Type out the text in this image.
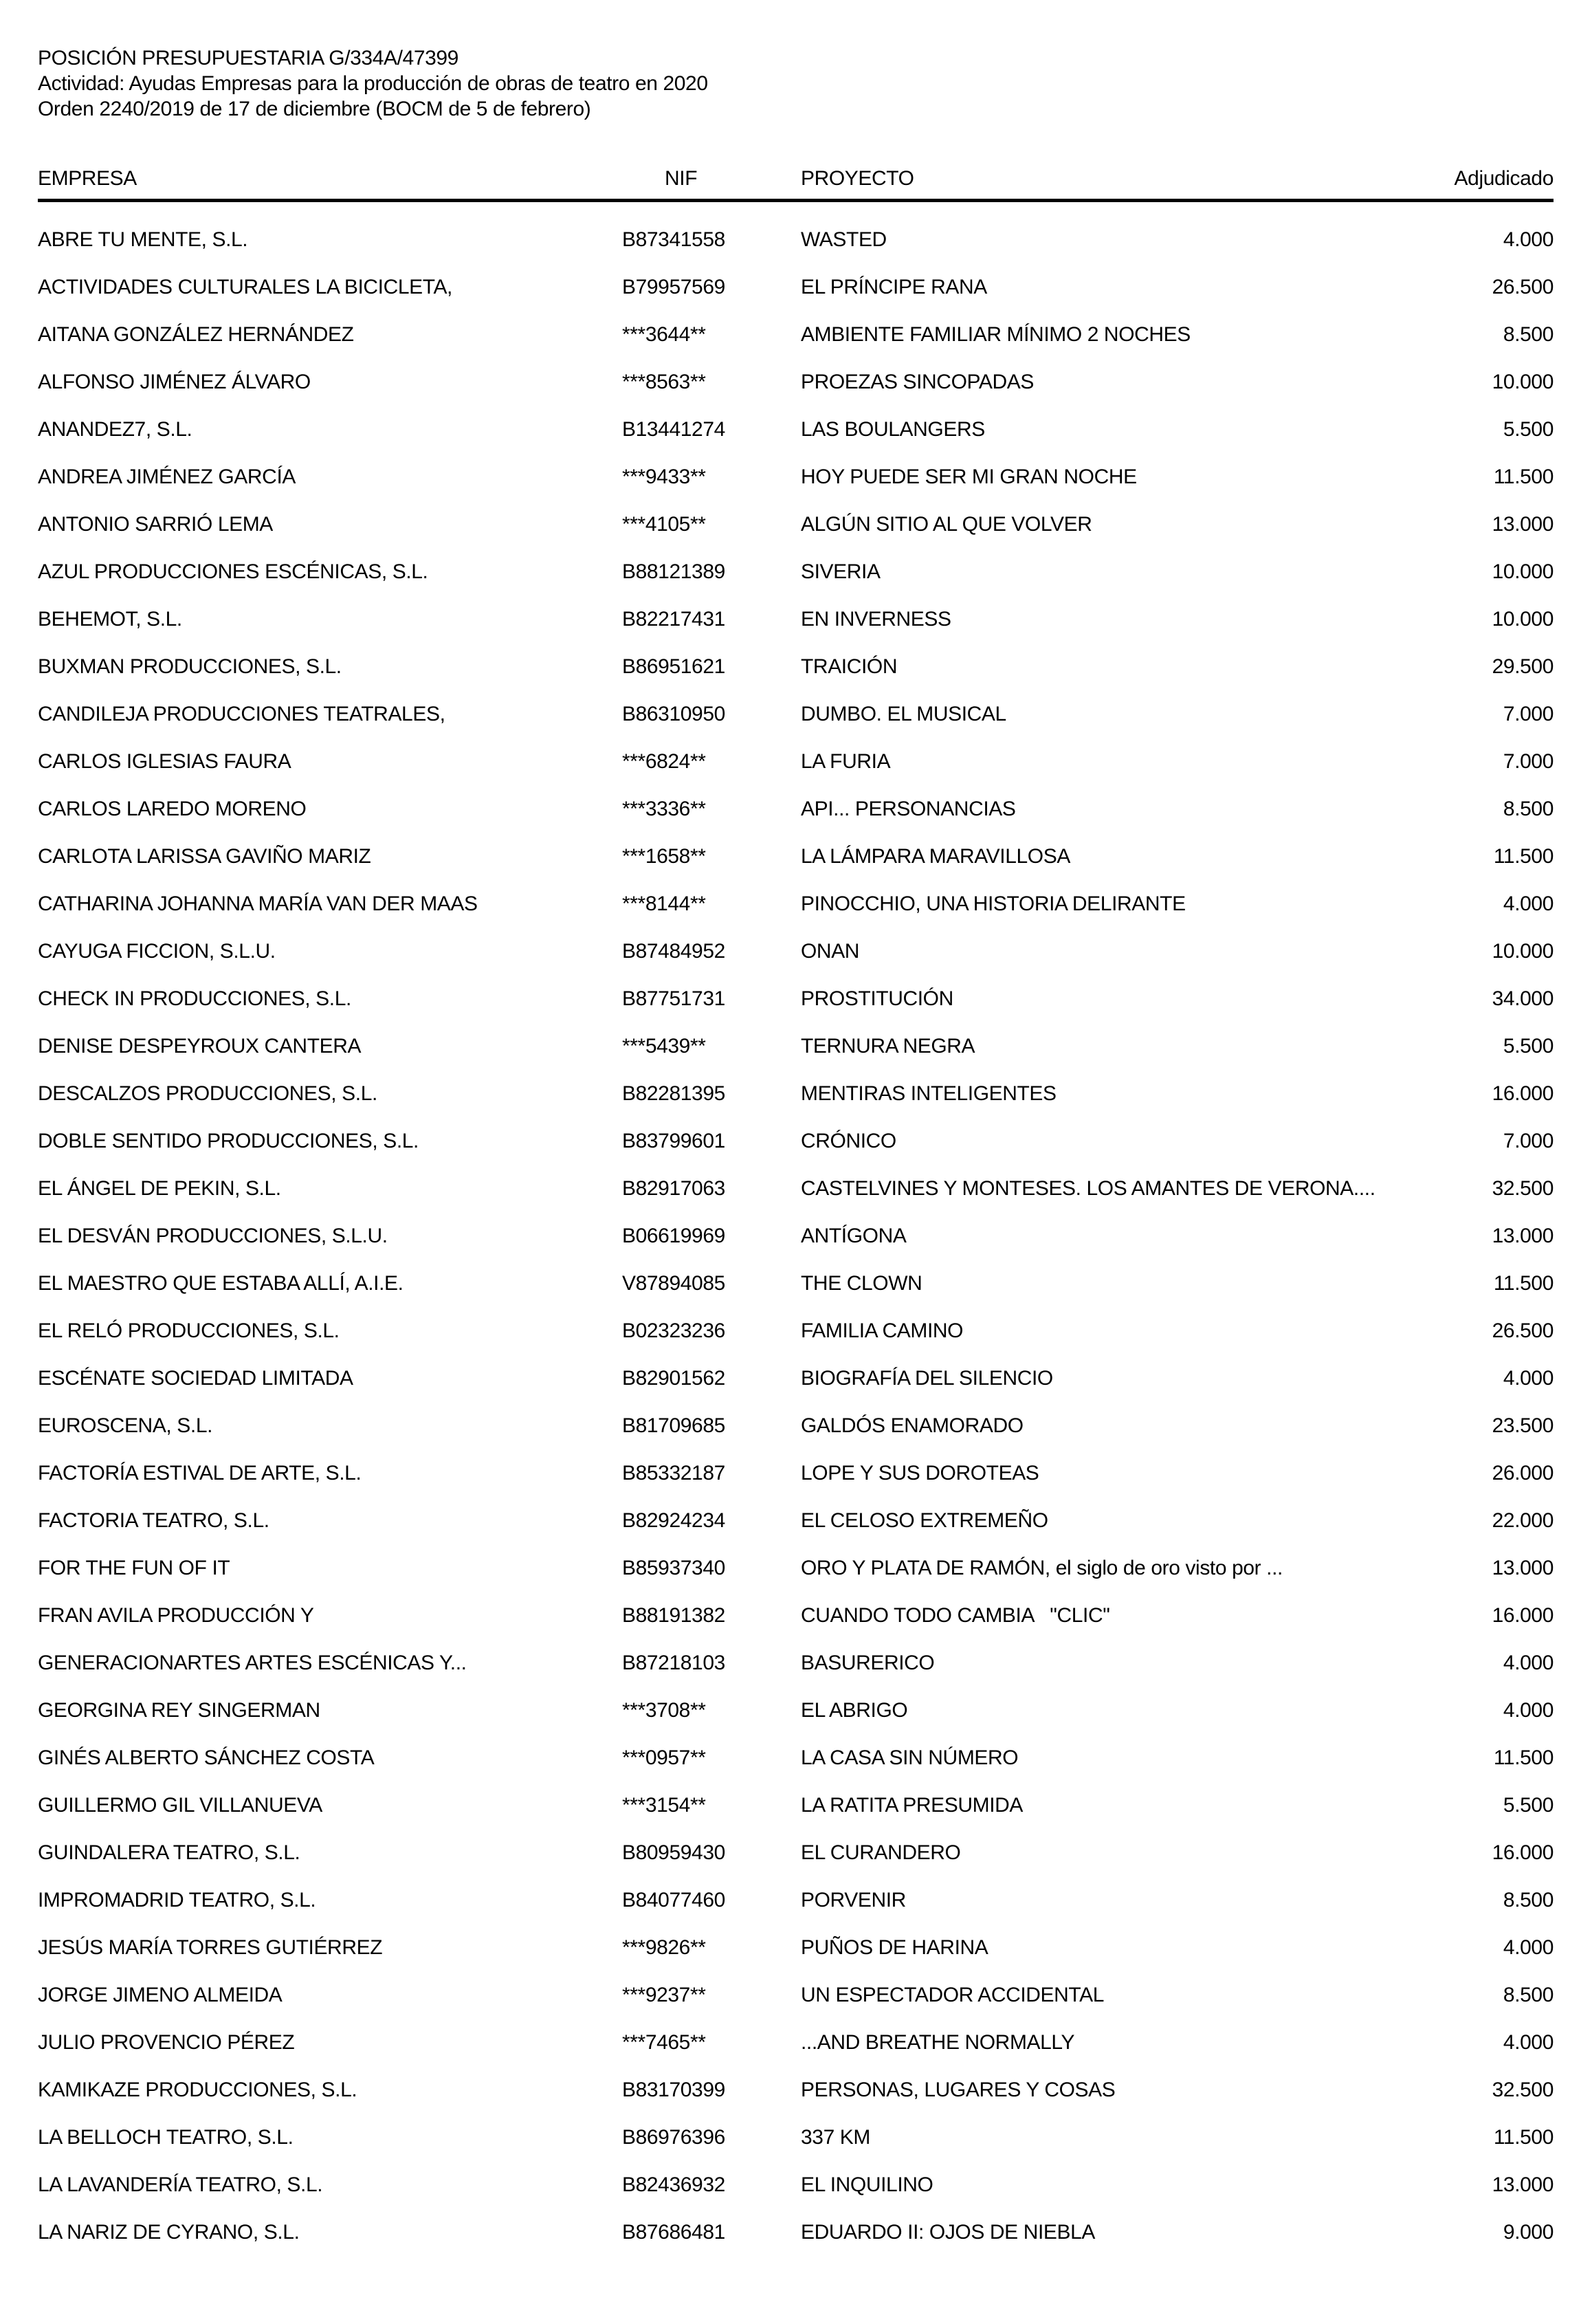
POSICIÓN PRESUPUESTARIA G/334A/47399
Actividad: Ayudas Empresas para la producción de obras de teatro en 2020
Orden 2240/2019 de 17 de diciembre (BOCM de 5 de febrero)
EMPRESA	NIF	PROYECTO	Adjudicado
ABRE TU MENTE, S.L.	B87341558	WASTED	4.000
ACTIVIDADES CULTURALES LA BICICLETA,	B79957569	EL PRÍNCIPE RANA	26.500
AITANA GONZÁLEZ HERNÁNDEZ	***3644**	AMBIENTE FAMILIAR MÍNIMO 2 NOCHES	8.500
ALFONSO JIMÉNEZ ÁLVARO	***8563**	PROEZAS SINCOPADAS	10.000
ANANDEZ7, S.L.	B13441274	LAS BOULANGERS	5.500
ANDREA JIMÉNEZ GARCÍA	***9433**	HOY PUEDE SER MI GRAN NOCHE	11.500
ANTONIO SARRIÓ LEMA	***4105**	ALGÚN SITIO AL QUE VOLVER	13.000
AZUL PRODUCCIONES ESCÉNICAS, S.L.	B88121389	SIVERIA	10.000
BEHEMOT, S.L.	B82217431	EN INVERNESS	10.000
BUXMAN PRODUCCIONES, S.L.	B86951621	TRAICIÓN	29.500
CANDILEJA PRODUCCIONES TEATRALES,	B86310950	DUMBO. EL MUSICAL	7.000
CARLOS IGLESIAS FAURA	***6824**	LA FURIA	7.000
CARLOS LAREDO MORENO	***3336**	API... PERSONANCIAS	8.500
CARLOTA LARISSA GAVIÑO MARIZ	***1658**	LA LÁMPARA MARAVILLOSA	11.500
CATHARINA JOHANNA MARÍA VAN DER MAAS	***8144**	PINOCCHIO, UNA HISTORIA DELIRANTE	4.000
CAYUGA FICCION, S.L.U.	B87484952	ONAN	10.000
CHECK IN PRODUCCIONES, S.L.	B87751731	PROSTITUCIÓN	34.000
DENISE DESPEYROUX CANTERA	***5439**	TERNURA NEGRA	5.500
DESCALZOS PRODUCCIONES, S.L.	B82281395	MENTIRAS INTELIGENTES	16.000
DOBLE SENTIDO PRODUCCIONES, S.L.	B83799601	CRÓNICO	7.000
EL ÁNGEL DE PEKIN, S.L.	B82917063	CASTELVINES Y MONTESES. LOS AMANTES DE VERONA....	32.500
EL DESVÁN PRODUCCIONES, S.L.U.	B06619969	ANTÍGONA	13.000
EL MAESTRO QUE ESTABA ALLÍ, A.I.E.	V87894085	THE CLOWN	11.500
EL RELÓ PRODUCCIONES, S.L.	B02323236	FAMILIA CAMINO	26.500
ESCÉNATE SOCIEDAD LIMITADA	B82901562	BIOGRAFÍA DEL SILENCIO	4.000
EUROSCENA, S.L.	B81709685	GALDÓS ENAMORADO	23.500
FACTORÍA ESTIVAL DE ARTE, S.L.	B85332187	LOPE Y SUS DOROTEAS	26.000
FACTORIA TEATRO, S.L.	B82924234	EL CELOSO EXTREMEÑO	22.000
FOR THE FUN OF IT	B85937340	ORO Y PLATA DE RAMÓN, el siglo de oro visto por ...	13.000
FRAN AVILA PRODUCCIÓN Y	B88191382	CUANDO TODO CAMBIA   "CLIC"	16.000
GENERACIONARTES ARTES ESCÉNICAS Y...	B87218103	BASURERICO	4.000
GEORGINA REY SINGERMAN	***3708**	EL ABRIGO	4.000
GINÉS ALBERTO SÁNCHEZ COSTA	***0957**	LA CASA SIN NÚMERO	11.500
GUILLERMO GIL VILLANUEVA	***3154**	LA RATITA PRESUMIDA	5.500
GUINDALERA TEATRO, S.L.	B80959430	EL CURANDERO	16.000
IMPROMADRID TEATRO, S.L.	B84077460	PORVENIR	8.500
JESÚS MARÍA TORRES GUTIÉRREZ	***9826**	PUÑOS DE HARINA	4.000
JORGE JIMENO ALMEIDA	***9237**	UN ESPECTADOR ACCIDENTAL	8.500
JULIO PROVENCIO PÉREZ	***7465**	...AND BREATHE NORMALLY	4.000
KAMIKAZE PRODUCCIONES, S.L.	B83170399	PERSONAS, LUGARES Y COSAS	32.500
LA BELLOCH TEATRO, S.L.	B86976396	337 KM	11.500
LA LAVANDERÍA TEATRO, S.L.	B82436932	EL INQUILINO	13.000
LA NARIZ DE CYRANO, S.L.	B87686481	EDUARDO II: OJOS DE NIEBLA	9.000
